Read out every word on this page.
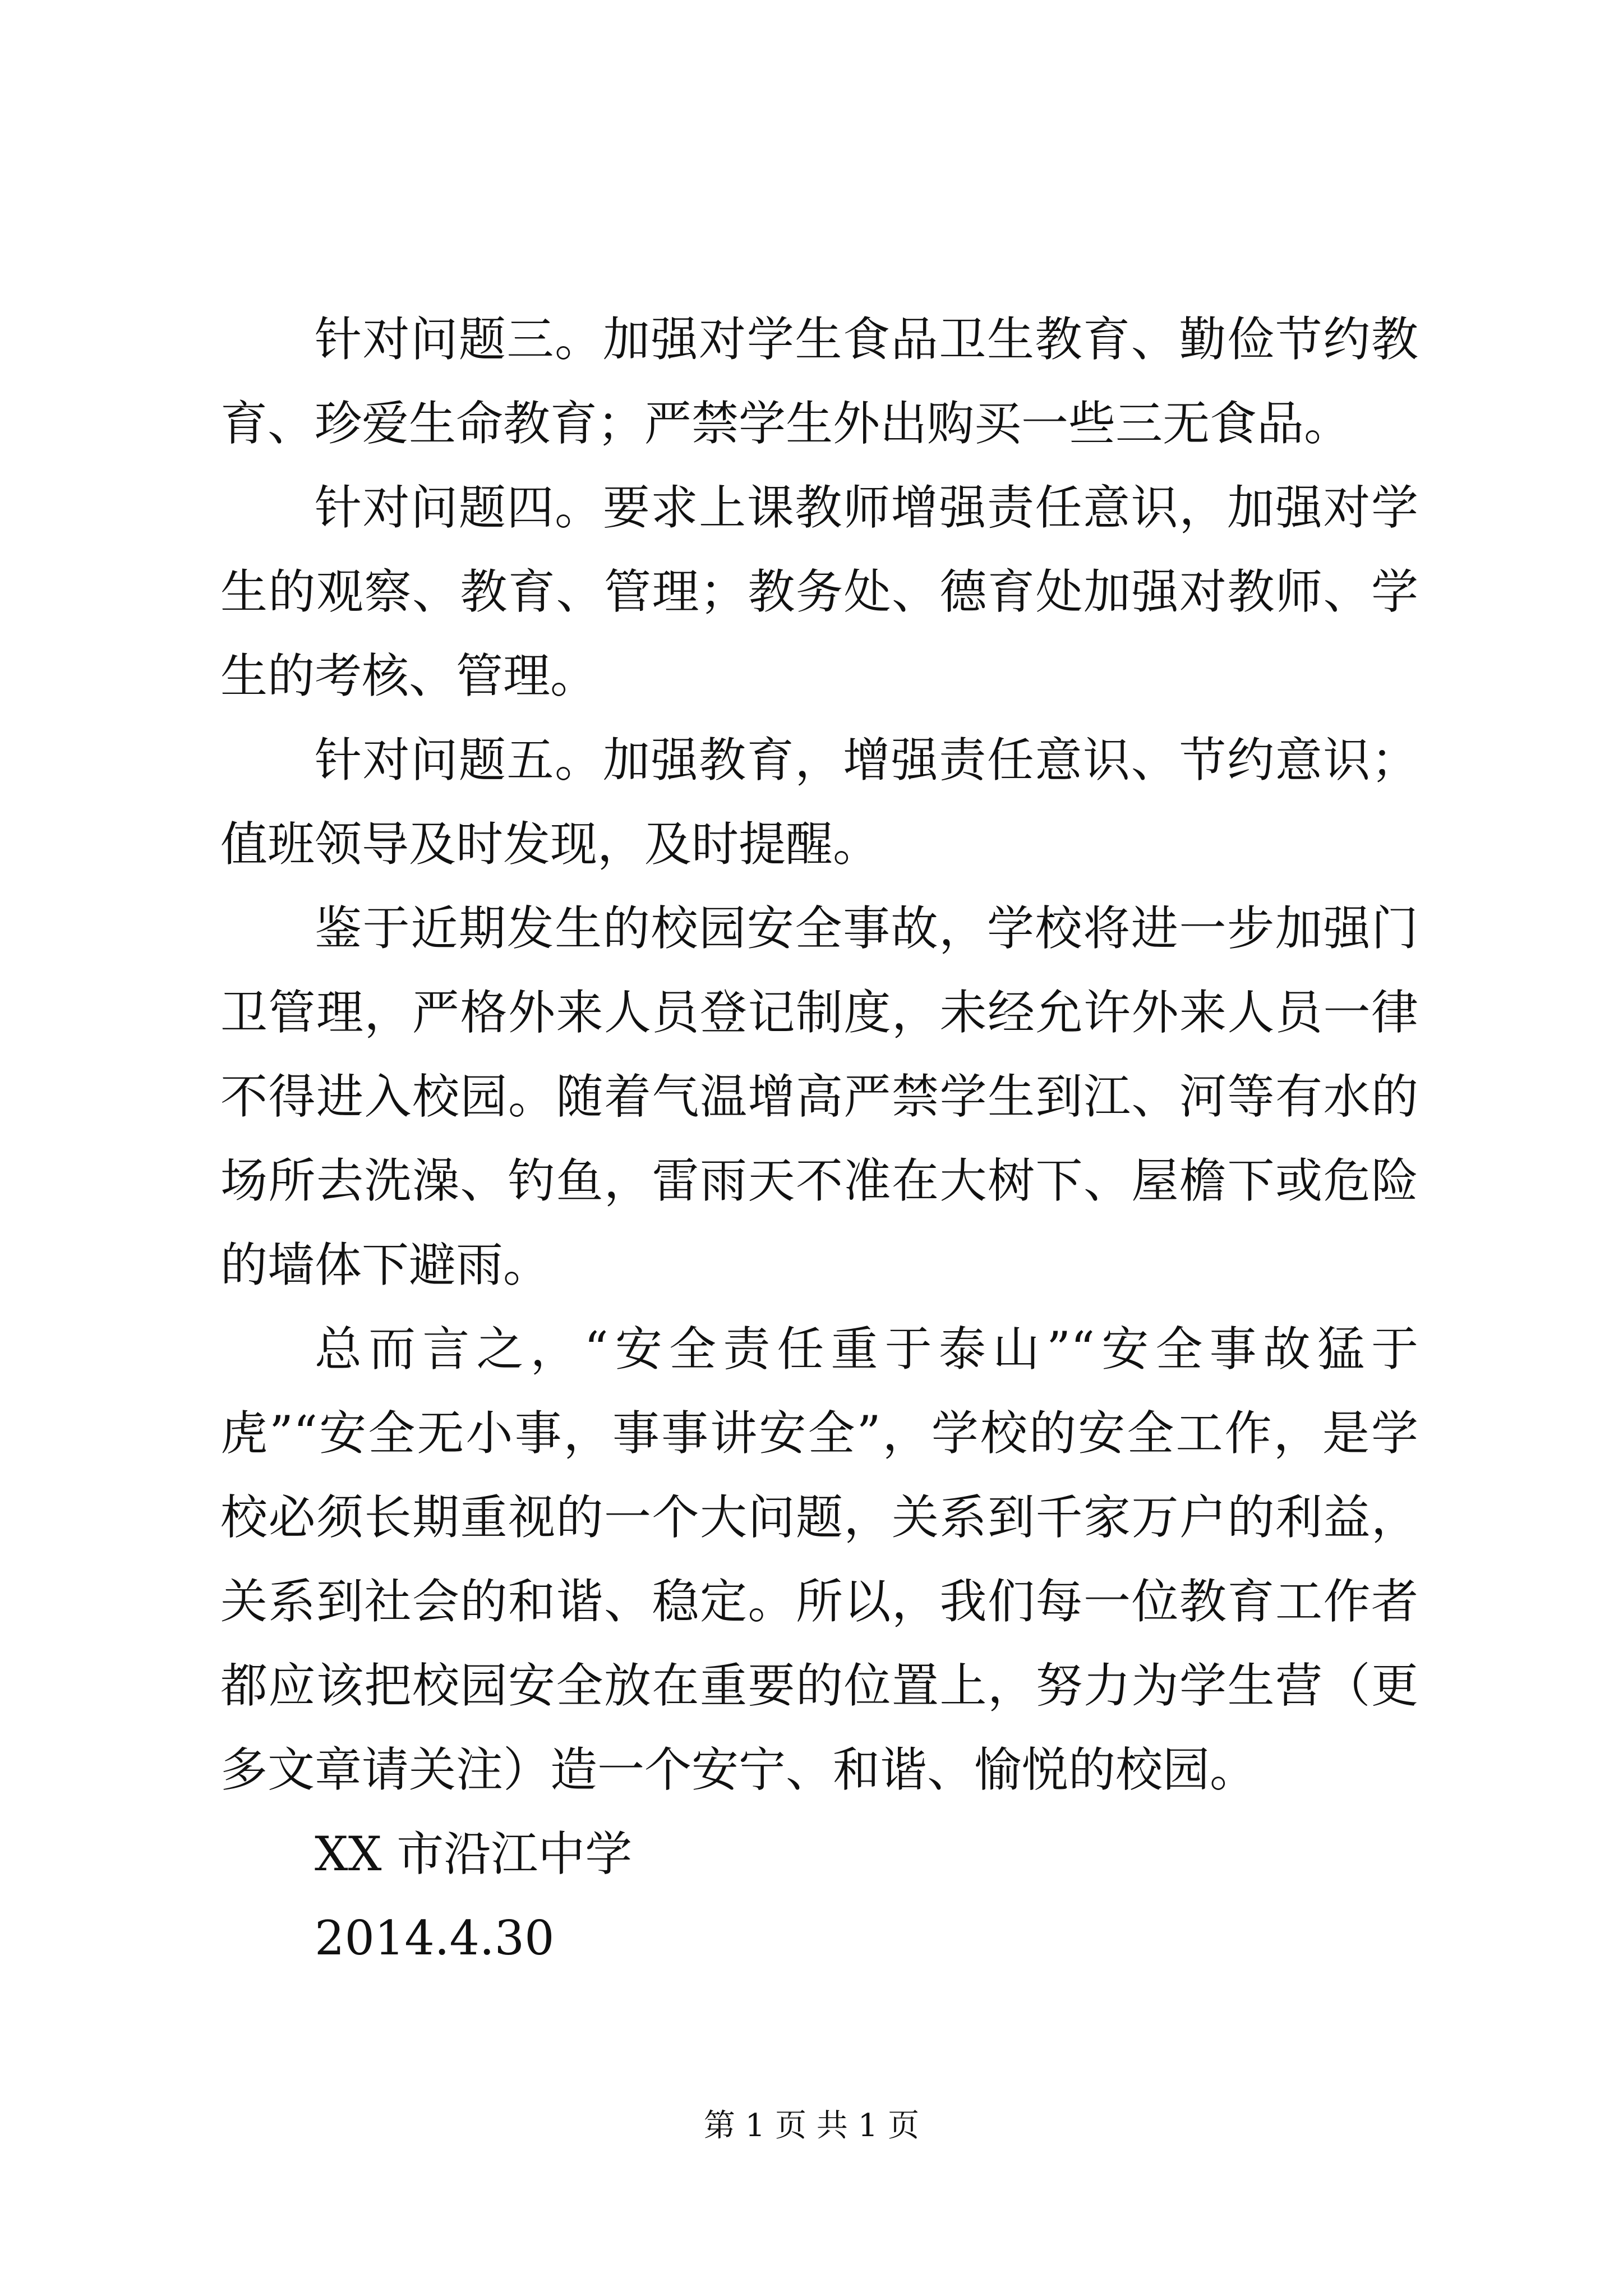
针对问题三。加强对学生食品卫生教育、勤俭节约教育、珍爱生命教育；严禁学生外出购买一些三无食品。

针对问题四。要求上课教师增强责任意识，加强对学生的观察、教育、管理；教务处、德育处加强对教师、学生的考核、管理。

针对问题五。加强教育，增强责任意识、节约意识；值班领导及时发现，及时提醒。

鉴于近期发生的校园安全事故，学校将进一步加强门卫管理，严格外来人员登记制度，未经允许外来人员一律不得进入校园。随着气温增高严禁学生到江、河等有水的场所去洗澡、钓鱼，雷雨天不准在大树下、屋檐下或危险的墙体下避雨。

总而言之，“安全责任重于泰山”“安全事故猛于虎”“安全无小事，事事讲安全”，学校的安全工作，是学校必须长期重视的一个大问题，关系到千家万户的利益，关系到社会的和谐、稳定。所以，我们每一位教育工作者都应该把校园安全放在重要的位置上，努力为学生营（更多文章请关注）造一个安宁、和谐、愉悦的校园。

XX 市沿江中学

2014.4.30

第 1 页 共 1 页
